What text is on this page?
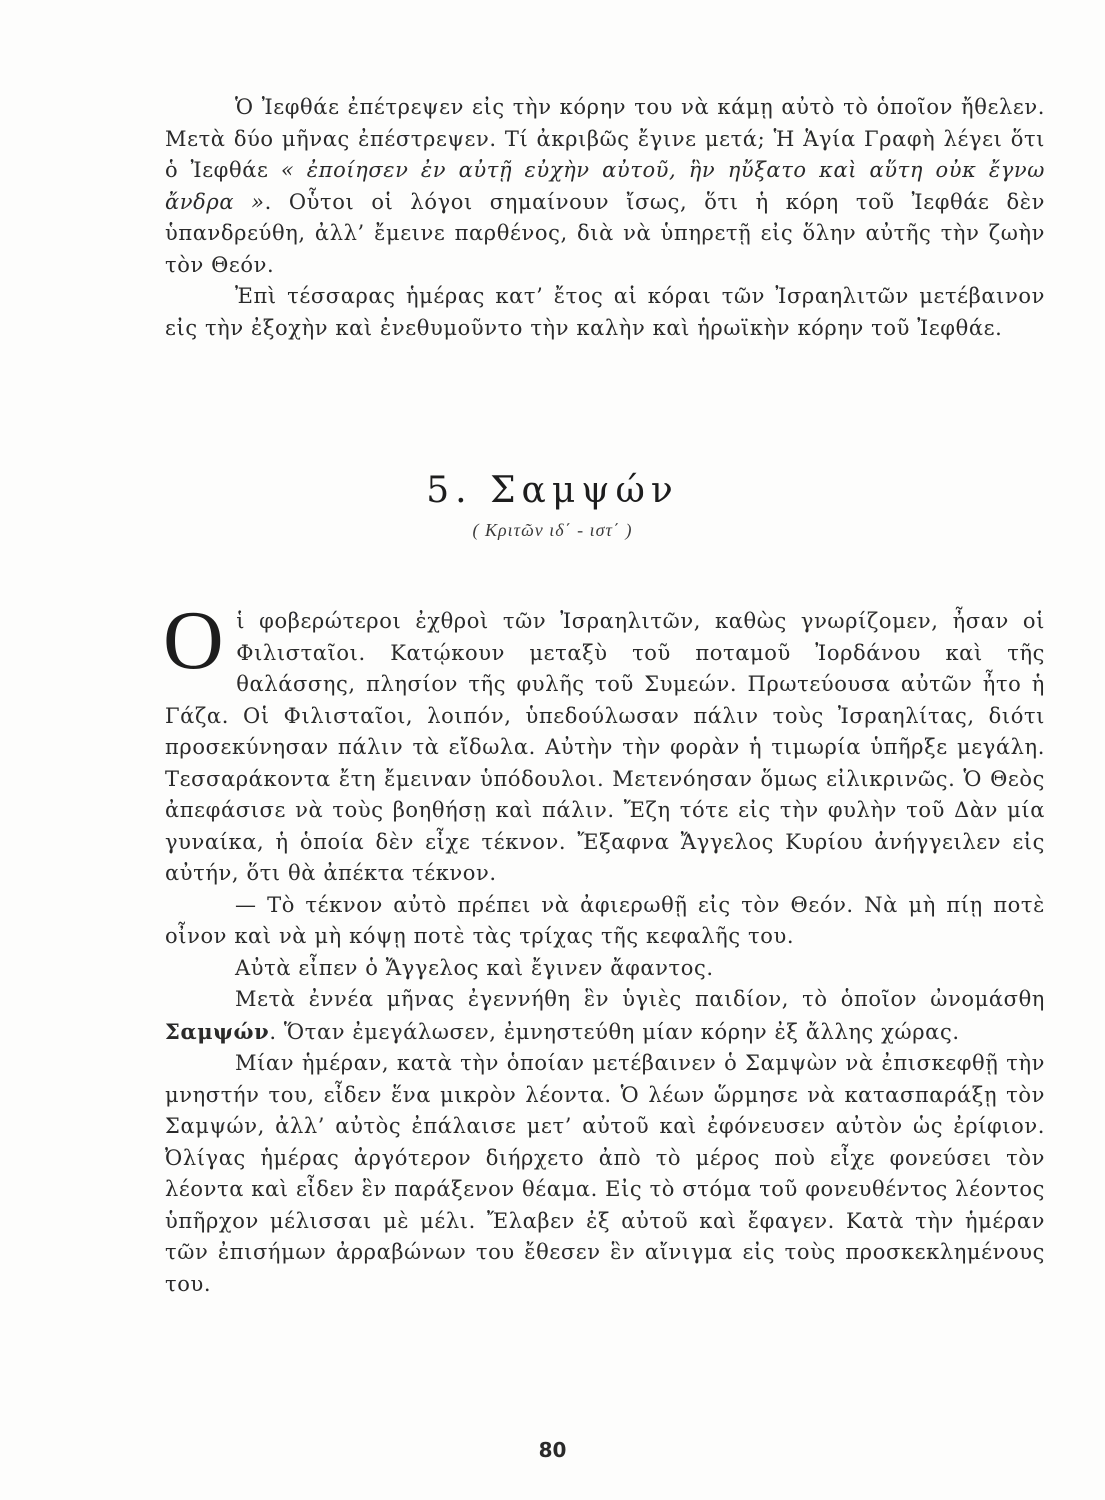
Ὁ Ἰεφθάε ἐπέτρεψεν εἰς τὴν κόρην του νὰ κάμῃ αὐτὸ τὸ ὁποῖον ἤθελεν. Μετὰ δύο μῆνας ἐπέστρεψεν. Τί ἀκριβῶς ἔγινε μετά; Ἡ Ἁγία Γραφὴ λέγει ὅτι ὁ Ἰεφθάε « ἐποίησεν ἐν αὐτῇ εὐχὴν αὐτοῦ, ἣν ηὔξατο καὶ αὕτη οὐκ ἔγνω ἄνδρα ». Οὗτοι οἱ λόγοι σημαίνουν ἴσως, ὅτι ἡ κόρη τοῦ Ἰεφθάε δὲν ὑπανδρεύθη, ἀλλ’ ἔμεινε παρθένος, διὰ νὰ ὑπηρετῇ εἰς ὅλην αὐτῆς τὴν ζωὴν τὸν Θεόν.

Ἐπὶ τέσσαρας ἡμέρας κατ’ ἔτος αἱ κόραι τῶν Ἰσραηλιτῶν μετέβαινον εἰς τὴν ἐξοχὴν καὶ ἐνεθυμοῦντο τὴν καλὴν καὶ ἡρωϊκὴν κόρην τοῦ Ἰεφθάε.

5. Σαμψών
( Κριτῶν ιδ΄ - ιστ΄ )

Οἱ φοβερώτεροι ἐχθροὶ τῶν Ἰσραηλιτῶν, καθὼς γνωρίζομεν, ἦσαν οἱ Φιλισταῖοι. Κατῴκουν μεταξὺ τοῦ ποταμοῦ Ἰορδάνου καὶ τῆς θαλάσσης, πλησίον τῆς φυλῆς τοῦ Συμεών. Πρωτεύουσα αὐτῶν ἦτο ἡ Γάζα. Οἱ Φιλισταῖοι, λοιπόν, ὑπεδούλωσαν πάλιν τοὺς Ἰσραηλίτας, διότι προσεκύνησαν πάλιν τὰ εἴδωλα. Αὐτὴν τὴν φορὰν ἡ τιμωρία ὑπῆρξε μεγάλη. Τεσσαράκοντα ἔτη ἔμειναν ὑπόδουλοι. Μετενόησαν ὅμως εἰλικρινῶς. Ὁ Θεὸς ἀπεφάσισε νὰ τοὺς βοηθήσῃ καὶ πάλιν. Ἔζη τότε εἰς τὴν φυλὴν τοῦ Δὰν μία γυναίκα, ἡ ὁποία δὲν εἶχε τέκνον. Ἔξαφνα Ἄγγελος Κυρίου ἀνήγγειλεν εἰς αὐτήν, ὅτι θὰ ἀπέκτα τέκνον.

— Τὸ τέκνον αὐτὸ πρέπει νὰ ἀφιερωθῇ εἰς τὸν Θεόν. Νὰ μὴ πίῃ ποτὲ οἶνον καὶ νὰ μὴ κόψῃ ποτὲ τὰς τρίχας τῆς κεφαλῆς του.

Αὐτὰ εἶπεν ὁ Ἄγγελος καὶ ἔγινεν ἄφαντος.

Μετὰ ἐννέα μῆνας ἐγεννήθη ἓν ὑγιὲς παιδίον, τὸ ὁποῖον ὠνομάσθη Σαμψών. Ὅταν ἐμεγάλωσεν, ἐμνηστεύθη μίαν κόρην ἐξ ἄλλης χώρας.

Μίαν ἡμέραν, κατὰ τὴν ὁποίαν μετέβαινεν ὁ Σαμψὼν νὰ ἐπισκεφθῇ τὴν μνηστήν του, εἶδεν ἕνα μικρὸν λέοντα. Ὁ λέων ὥρμησε νὰ κατασπαράξῃ τὸν Σαμψών, ἀλλ’ αὐτὸς ἐπάλαισε μετ’ αὐτοῦ καὶ ἐφόνευσεν αὐτὸν ὡς ἐρίφιον. Ὀλίγας ἡμέρας ἀργότερον διήρχετο ἀπὸ τὸ μέρος ποὺ εἶχε φονεύσει τὸν λέοντα καὶ εἶδεν ἓν παράξενον θέαμα. Εἰς τὸ στόμα τοῦ φονευθέντος λέοντος ὑπῆρχον μέλισσαι μὲ μέλι. Ἔλαβεν ἐξ αὐτοῦ καὶ ἔφαγεν. Κατὰ τὴν ἡμέραν τῶν ἐπισήμων ἀρραβώνων του ἔθεσεν ἓν αἴνιγμα εἰς τοὺς προσκεκλημένους του.

80
